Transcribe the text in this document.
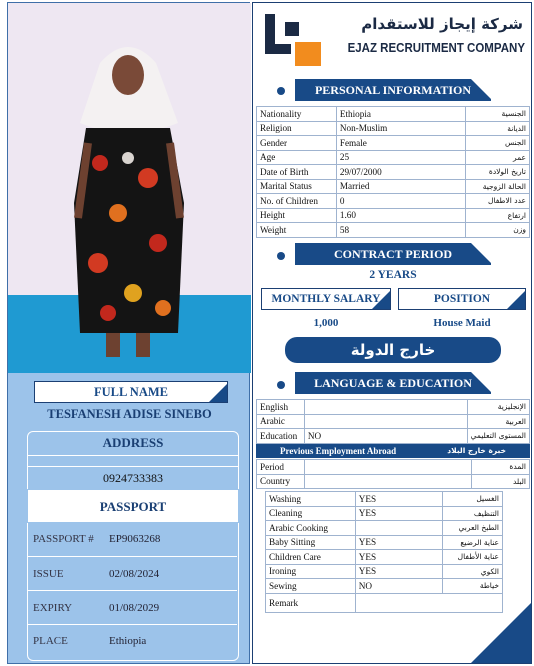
FULL NAME
TESFANESH ADISE SINEBO
ADDRESS
0924733383
PASSPORT
PASSPORT # EP9063268
ISSUE	02/08/2024
EXPIRY	01/08/2029
PLACE	Ethiopia
شركة إيجاز للاستقدام
EJAZ RECRUITMENT COMPANY
PERSONAL INFORMATION
Nationality	Ethiopia	الجنسية
Religion	Non-Muslim	الديانة
Gender	Female	الجنس
Age	25	عمر
Date of Birth	29/07/2000	تاريخ الولادة
Marital Status	Married	الحالة الزوجية
No. of Children	0	عدد الاطفال
Height	1.60	ارتفاع
Weight	58	وزن
CONTRACT PERIOD
2 YEARS
MONTHLY SALARY	POSITION
1,000	House Maid
خارج الدولة
LANGUAGE & EDUCATION
English		الإنجليزية
Arabic		العربية
Education	NO	المستوى التعليمي
Previous Employment Abroad	خبرة خارج البلاد
Period		المدة
Country		البلد
Washing	YES	الغسيل
Cleaning	YES	التنظيف
Arabic Cooking		الطبخ العربي
Baby Sitting	YES	عناية الرضيع
Children Care	YES	عناية الأطفال
Ironing	YES	الكوي
Sewing	NO	خياطة
Remark		
